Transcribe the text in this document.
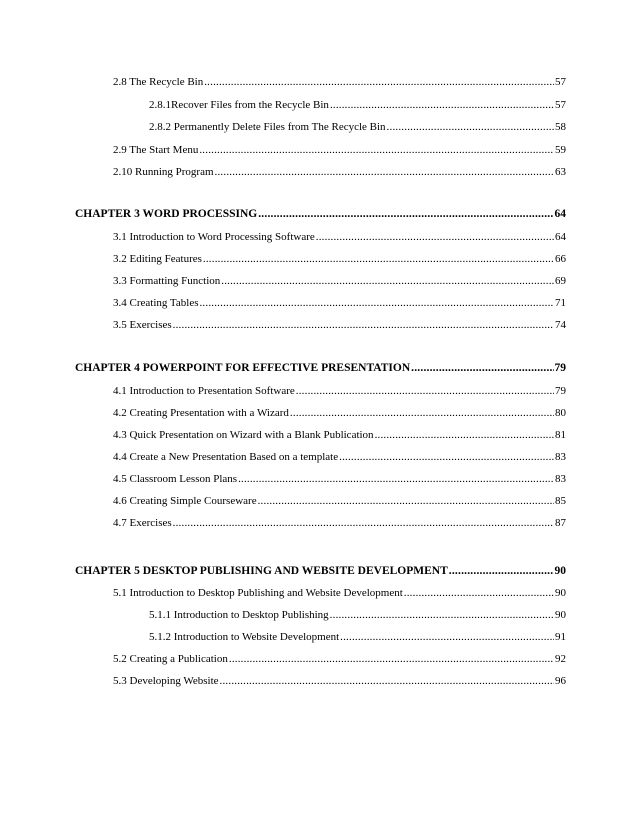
2.8 The Recycle Bin .....	57
2.8.1Recover Files from the Recycle Bin .....	57
2.8.2 Permanently Delete Files from The Recycle Bin .....	58
2.9 The Start Menu .....	59
2.10 Running Program .....	63
CHAPTER 3 WORD PROCESSING .....	64
3.1 Introduction to Word Processing Software .....	64
3.2 Editing Features .....	66
3.3 Formatting Function .....	69
3.4 Creating Tables .....	71
3.5 Exercises .....	74
CHAPTER 4 POWERPOINT FOR EFFECTIVE PRESENTATION .....	79
4.1 Introduction to Presentation Software .....	79
4.2 Creating Presentation with a Wizard .....	80
4.3 Quick Presentation on Wizard with a Blank Publication .....	81
4.4 Create a New Presentation Based on a template .....	83
4.5 Classroom Lesson Plans .....	83
4.6 Creating Simple Courseware .....	85
4.7 Exercises .....	87
CHAPTER 5 DESKTOP PUBLISHING AND WEBSITE DEVELOPMENT .....	90
5.1 Introduction to Desktop Publishing and Website Development .....	90
5.1.1 Introduction to Desktop Publishing .....	90
5.1.2 Introduction to Website Development .....	91
5.2 Creating a Publication .....	92
5.3 Developing Website .....	96
